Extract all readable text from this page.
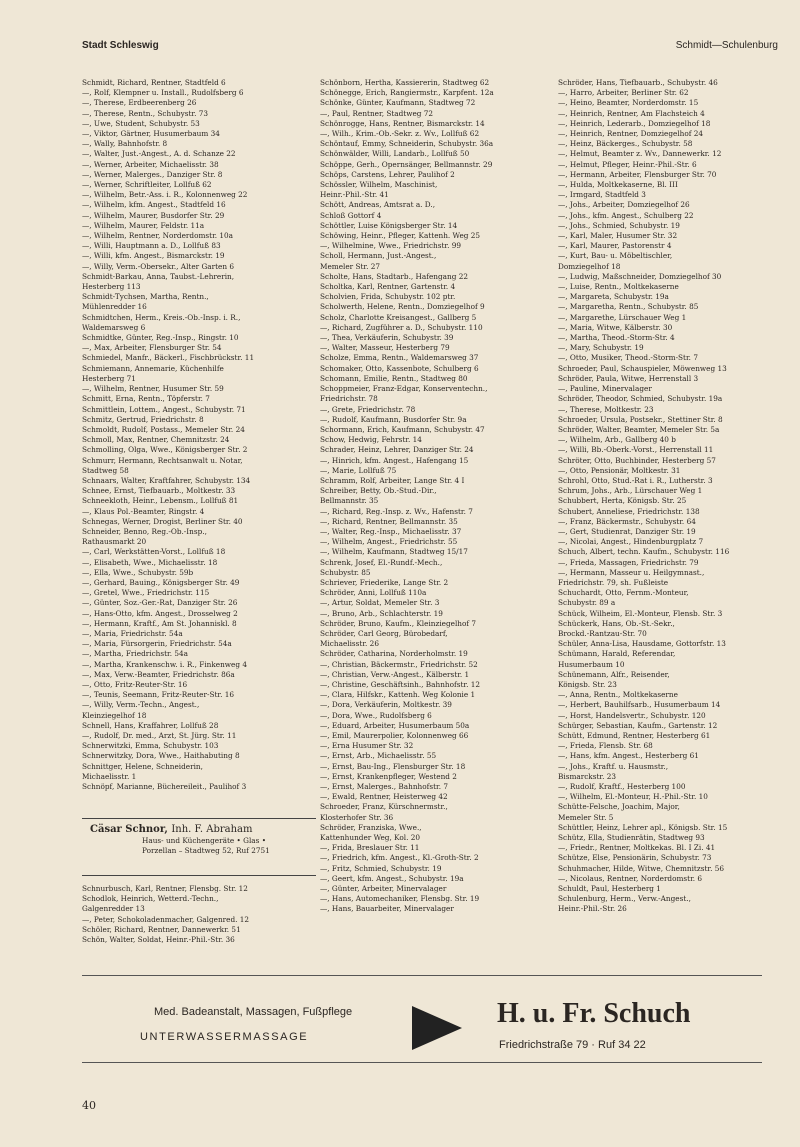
Stadt Schleswig	Schmidt—Schulenburg
Schmidt, Richard, Rentner, Stadtfeld 6
—, Rolf, Klempner u. Install., Rudolfsberg 6
—, Therese, Erdbeerenberg 26
—, Therese, Rentn., Schubystr. 73
—, Uwe, Student, Schubystr. 53
—, Viktor, Gärtner, Husumerbaum 34
—, Wally, Bahnhofstr. 8
—, Walter, Just.-Angest., A. d. Schanze 22
—, Werner, Arbeiter, Michaelisstr. 38
—, Werner, Malerges., Danziger Str. 8
—, Werner, Schriftleiter, Lollfuß 62
—, Wilhelm, Betr.-Ass. i. R., Kolonnenweg 22
—, Wilhelm, kfm. Angest., Stadtfeld 16
—, Wilhelm, Maurer, Busdorfer Str. 29
—, Wilhelm, Maurer, Feldstr. 11a
—, Wilhelm, Rentner, Norderdomstr. 10a
—, Willi, Hauptmann a. D., Lollfuß 83
—, Willi, kfm. Angest., Bismarckstr. 19
—, Willy, Verm.-Obersekr., Alter Garten 6
Schmidt-Barkau, Anna, Taubst.-Lehrerin,
Hesterberg 113
Schmidt-Tychsen, Martha, Rentn.,
Mühlenredder 16
Schmidtchen, Herm., Kreis.-Ob.-Insp. i. R.,
Waldemarsweg 6
Schmidtke, Günter, Reg.-Insp., Ringstr. 10
—, Max, Arbeiter, Flensburger Str. 54
Schmiedel, Manfr., Bäckerl., Fischbrückstr. 11
Schmiemann, Annemarie, Küchenhilfe
Hesterberg 71
—, Wilhelm, Rentner, Husumer Str. 59
Schmitt, Erna, Rentn., Töpferstr. 7
Schmittlein, Lottem., Angest., Schubystr. 71
Schmitz, Gertrud, Friedrichstr. 8
Schmoldt, Rudolf, Postass., Memeler Str. 24
Schmoll, Max, Rentner, Chemnitzstr. 24
Schmolling, Olga, Wwe., Königsberger Str. 2
Schmurr, Hermann, Rechtsanwalt u. Notar,
Stadtweg 58
Schnaars, Walter, Kraftfahrer, Schubystr. 134
Schnee, Ernst, Tiefbauarb., Moltkestr. 33
Schneekloth, Heinr., Lebensm., Lollfuß 81
—, Klaus Pol.-Beamter, Ringstr. 4
Schnegas, Werner, Drogist, Berliner Str. 40
Schneider, Benno, Reg.-Ob.-Insp.,
Rathausmarkt 20
—, Carl, Werkstätten-Vorst., Lollfuß 18
—, Elisabeth, Wwe., Michaelisstr. 18
—, Ella, Wwe., Schubystr. 59b
—, Gerhard, Bauing., Königsberger Str. 49
—, Gretel, Wwe., Friedrichstr. 115
—, Günter, Soz.-Ger.-Rat, Danziger Str. 26
—, Hans-Otto, kfm. Angest., Drosselweg 2
—, Hermann, Kraftf., Am St. Johanniskl. 8
—, Maria, Friedrichstr. 54a
—, Maria, Fürsorgerin, Friedrichstr. 54a
—, Martha, Friedrichstr. 54a
—, Martha, Krankenschw. i. R., Finkenweg 4
—, Max, Verw.-Beamter, Friedrichstr. 86a
—, Otto, Fritz-Reuter-Str. 16
—, Teunis, Seemann, Fritz-Reuter-Str. 16
—, Willy, Verm.-Techn., Angest.,
Kleinziegelhof 18
Schnell, Hans, Kraffahrer, Lollfuß 28
—, Rudolf, Dr. med., Arzt, St. Jürg. Str. 11
Schnerwitzki, Emma, Schubystr. 103
Schnerwitzky, Dora, Wwe., Haithabuting 8
Schnittger, Helene, Schneiderin,
Michaelisstr. 1
Schnöpf, Marianne, Büchereileit., Paulihof 3
Cäsar Schnor, Inh. F. Abraham
Haus- und Küchengeräte • Glas •
Porzellan – Stadtweg 52, Ruf 2751
Schnurbusch, Karl, Rentner, Flensbg. Str. 12
Schodlok, Heinrich, Wetterd.-Techn.,
Galgenredder 13
—, Peter, Schokoladenmacher, Galgenred. 12
Schöler, Richard, Rentner, Dannewerkr. 51
Schön, Walter, Soldat, Heinr.-Phil.-Str. 36
Schönborn, Hertha, Kassiererin, Stadtweg 62
Schönegge, Erich, Rangiermstr., Karpfent. 12a
Schönke, Günter, Kaufmann, Stadtweg 72
—, Paul, Rentner, Stadtweg 72
Schönrogge, Hans, Rentner, Bismarckstr. 14
—, Wilh., Krim.-Ob.-Sekr. z. Wv., Lollfuß 62
Schöntauf, Emmy, Schneiderin, Schubystr. 36a
Schönwälder, Willi, Landarb., Lollfuß 50
Schöppe, Gerh., Opernsänger, Bellmannstr. 29
Schöps, Carstens, Lehrer, Paulihof 2
Schössler, Wilhelm, Maschinist,
Heinr.-Phil.-Str. 41
Schött, Andreas, Amtsrat a. D.,
Schloß Gottorf 4
Schöttler, Luise Königsberger Str. 14
Schöwing, Heinr., Pfleger, Kattenh. Weg 25
—, Wilhelmine, Wwe., Friedrichstr. 99
Scholl, Hermann, Just.-Angest.,
Memeler Str. 27
Scholte, Hans, Stadtarb., Hafengang 22
Scholtka, Karl, Rentner, Gartenstr. 4
Scholvien, Frida, Schubystr. 102 ptr.
Scholwerth, Helene, Rentn., Domziegelhof 9
Scholz, Charlotte Kreisangest., Gallberg 5
—, Richard, Zugführer a. D., Schubystr. 110
—, Thea, Verkäuferin, Schubystr. 39
—, Walter, Masseur, Hesterberg 79
Scholze, Emma, Rentn., Waldemarsweg 37
Schomaker, Otto, Kassenbote, Schulberg 6
Schomann, Emilie, Rentn., Stadtweg 80
Schoppmeier, Franz-Edgar, Konserventechn.,
Friedrichstr. 78
—, Grete, Friedrichstr. 78
—, Rudolf, Kaufmann, Busdorfer Str. 9a
Schormann, Erich, Kaufmann, Schubystr. 47
Schow, Hedwig, Fehrstr. 14
Schrader, Heinz, Lehrer, Danziger Str. 24
—, Hinrich, kfm. Angest., Hafengang 15
—, Marie, Lollfuß 75
Schramm, Rolf, Arbeiter, Lange Str. 4 I
Schreiber, Betty, Ob.-Stud.-Dir.,
Bellmannstr. 35
—, Richard, Reg.-Insp. z. Wv., Hafenstr. 7
—, Richard, Rentner, Bellmannstr. 35
—, Walter, Reg.-Insp., Michaelisstr. 37
—, Wilhelm, Angest., Friedrichstr. 55
—, Wilhelm, Kaufmann, Stadtweg 15/17
Schrenk, Josef, El.-Rundf.-Mech.,
Schubystr. 85
Schriever, Friederike, Lange Str. 2
Schröder, Anni, Lollfuß 110a
—, Artur, Soldat, Memeler Str. 3
—, Bruno, Arb., Schlachterstr. 19
Schröder, Bruno, Kaufm., Kleinziegelhof 7
Schröder, Carl Georg, Bürobedarf,
Michaelisstr. 26
Schröder, Catharina, Norderholmstr. 19
—, Christian, Bäckermstr., Friedrichstr. 52
—, Christian, Verw.-Angest., Kälberstr. 1
—, Christine, Geschäftsinh., Bahnhofstr. 12
—, Clara, Hilfskr., Kattenh. Weg Kolonie 1
—, Dora, Verkäuferin, Moltkestr. 39
—, Dora, Wwe., Rudolfsberg 6
—, Eduard, Arbeiter, Husumerbaum 50a
—, Emil, Maurerpolier, Kolonnenweg 66
—, Erna Husumer Str. 32
—, Ernst, Arb., Michaelisstr. 55
—, Ernst, Bau-Ing., Flensburger Str. 18
—, Ernst, Krankenpfleger, Westend 2
—, Ernst, Malerges., Bahnhofstr. 7
—, Ewald, Rentner, Heisterweg 42
Schroeder, Franz, Kürschnermstr.,
Klosterhofer Str. 36
Schröder, Franziska, Wwe.,
Kattenhunder Weg, Kol. 20
—, Frida, Breslauer Str. 11
—, Friedrich, kfm. Angest., Kl.-Groth-Str. 2
—, Fritz, Schmied, Schubystr. 19
—, Geert, kfm. Angest., Schubystr. 19a
—, Günter, Arbeiter, Minervalager
—, Hans, Automechaniker, Flensbg. Str. 19
—, Hans, Bauarbeiter, Minervalager
Schröder, Hans, Tiefbauarb., Schubystr. 46
—, Harro, Arbeiter, Berliner Str. 62
—, Heino, Beamter, Norderdomstr. 15
—, Heinrich, Rentner, Am Flachsteich 4
—, Heinrich, Lederarb., Domziegelhof 18
—, Heinrich, Rentner, Domziegelhof 24
—, Heinz, Bäckerges., Schubystr. 58
—, Helmut, Beamter z. Wv., Dannewerkr. 12
—, Helmut, Pfleger, Heinr.-Phil.-Str. 6
—, Hermann, Arbeiter, Flensburger Str. 70
—, Hulda, Moltkekaserne, Bl. III
—, Irmgard, Stadtfeld 3
—, Johs., Arbeiter, Domziegelhof 26
—, Johs., kfm. Angest., Schulberg 22
—, Johs., Schmied, Schubystr. 19
—, Karl, Maler, Husumer Str. 32
—, Karl, Maurer, Pastorenstr 4
—, Kurt, Bau- u. Möbeltischler,
Domziegelhof 18
—, Ludwig, Maßschneider, Domziegelhof 30
—, Luise, Rentn., Moltkekaserne
—, Margareta, Schubystr. 19a
—, Margaretha, Rentn., Schubystr. 85
—, Margarethe, Lürschauer Weg 1
—, Maria, Witwe, Kälberstr. 30
—, Martha, Theod.-Storm-Str. 4
—, Mary, Schubystr. 19
—, Otto, Musiker, Theod.-Storm-Str. 7
Schroeder, Paul, Schauspieler, Möwenweg 13
Schröder, Paula, Witwe, Herrenstall 3
—, Pauline, Minervalager
Schröder, Theodor, Schmied, Schubystr. 19a
—, Therese, Moltkestr. 23
Schroeder, Ursula, Postsekr., Stettiner Str. 8
Schröder, Walter, Beamter, Memeler Str. 5a
—, Wilhelm, Arb., Gallberg 40 b
—, Willi, Bb.-Oberk.-Vorst., Herrenstall 11
Schröter, Otto, Buchbinder, Hesterberg 57
—, Otto, Pensionär, Moltkestr. 31
Schrohl, Otto, Stud.-Rat i. R., Lutherstr. 3
Schrum, Johs., Arb., Lürschauer Weg 1
Schubbert, Herta, Königsb. Str. 25
Schubert, Anneliese, Friedrichstr. 138
—, Franz, Bäckermstr., Schubystr. 64
—, Gert, Studienrat, Danziger Str. 19
—, Nicolai, Angest., Hindenburgplatz 7
Schuch, Albert, techn. Kaufm., Schubystr. 116
—, Frieda, Massagen, Friedrichstr. 79
—, Hermann, Masseur u. Heilgymnast.,
Friedrichstr. 79, sh. Fußleiste
Schuchardt, Otto, Fernm.-Monteur,
Schubystr. 89 a
Schück, Wilheim, El.-Monteur, Flensb. Str. 3
Schückerk, Hans, Ob.-St.-Sekr.,
Brockd.-Rantzau-Str. 70
Schüler, Anna-Lisa, Hausdame, Gottorfstr. 13
Schümann, Harald, Referendar,
Husumerbaum 10
Schünemann, Alfr., Reisender,
Königsb. Str. 23
—, Anna, Rentn., Moltkekaserne
—, Herbert, Bauhilfsarb., Husumerbaum 14
—, Horst, Handelsvertr., Schubystr. 120
Schürger, Sebastian, Kaufm., Gartenstr. 12
Schütt, Edmund, Rentner, Hesterberg 61
—, Frieda, Flensb. Str. 68
—, Hans, kfm. Angest., Hesterberg 61
—, Johs., Kraftf. u. Hausmstr.,
Bismarckstr. 23
—, Rudolf, Kraftf., Hesterberg 100
—, Wilhelm, El.-Monteur, H.-Phil.-Str. 10
Schütte-Felsche, Joachim, Major,
Memeler Str. 5
Schüttler, Heinz, Lehrer apl., Königsb. Str. 15
Schütz, Ella, Studienrätin, Stadtweg 93
—, Friedr., Rentner, Moltkekas. Bl. I Zi. 41
Schütze, Else, Pensionärin, Schubystr. 73
Schuhmacher, Hilde, Witwe, Chemnitzstr. 56
—, Nicolaus, Rentner, Norderdomstr. 6
Schuldt, Paul, Hesterberg 1
Schulenburg, Herm., Verw.-Angest.,
Heinr.-Phil.-Str. 26
Med. Badeanstalt, Massagen, Fußpflege
UNTERWASSERMASSAGE
H. u. Fr. Schuch
Friedrichstraße 79 · Ruf 34 22
40
